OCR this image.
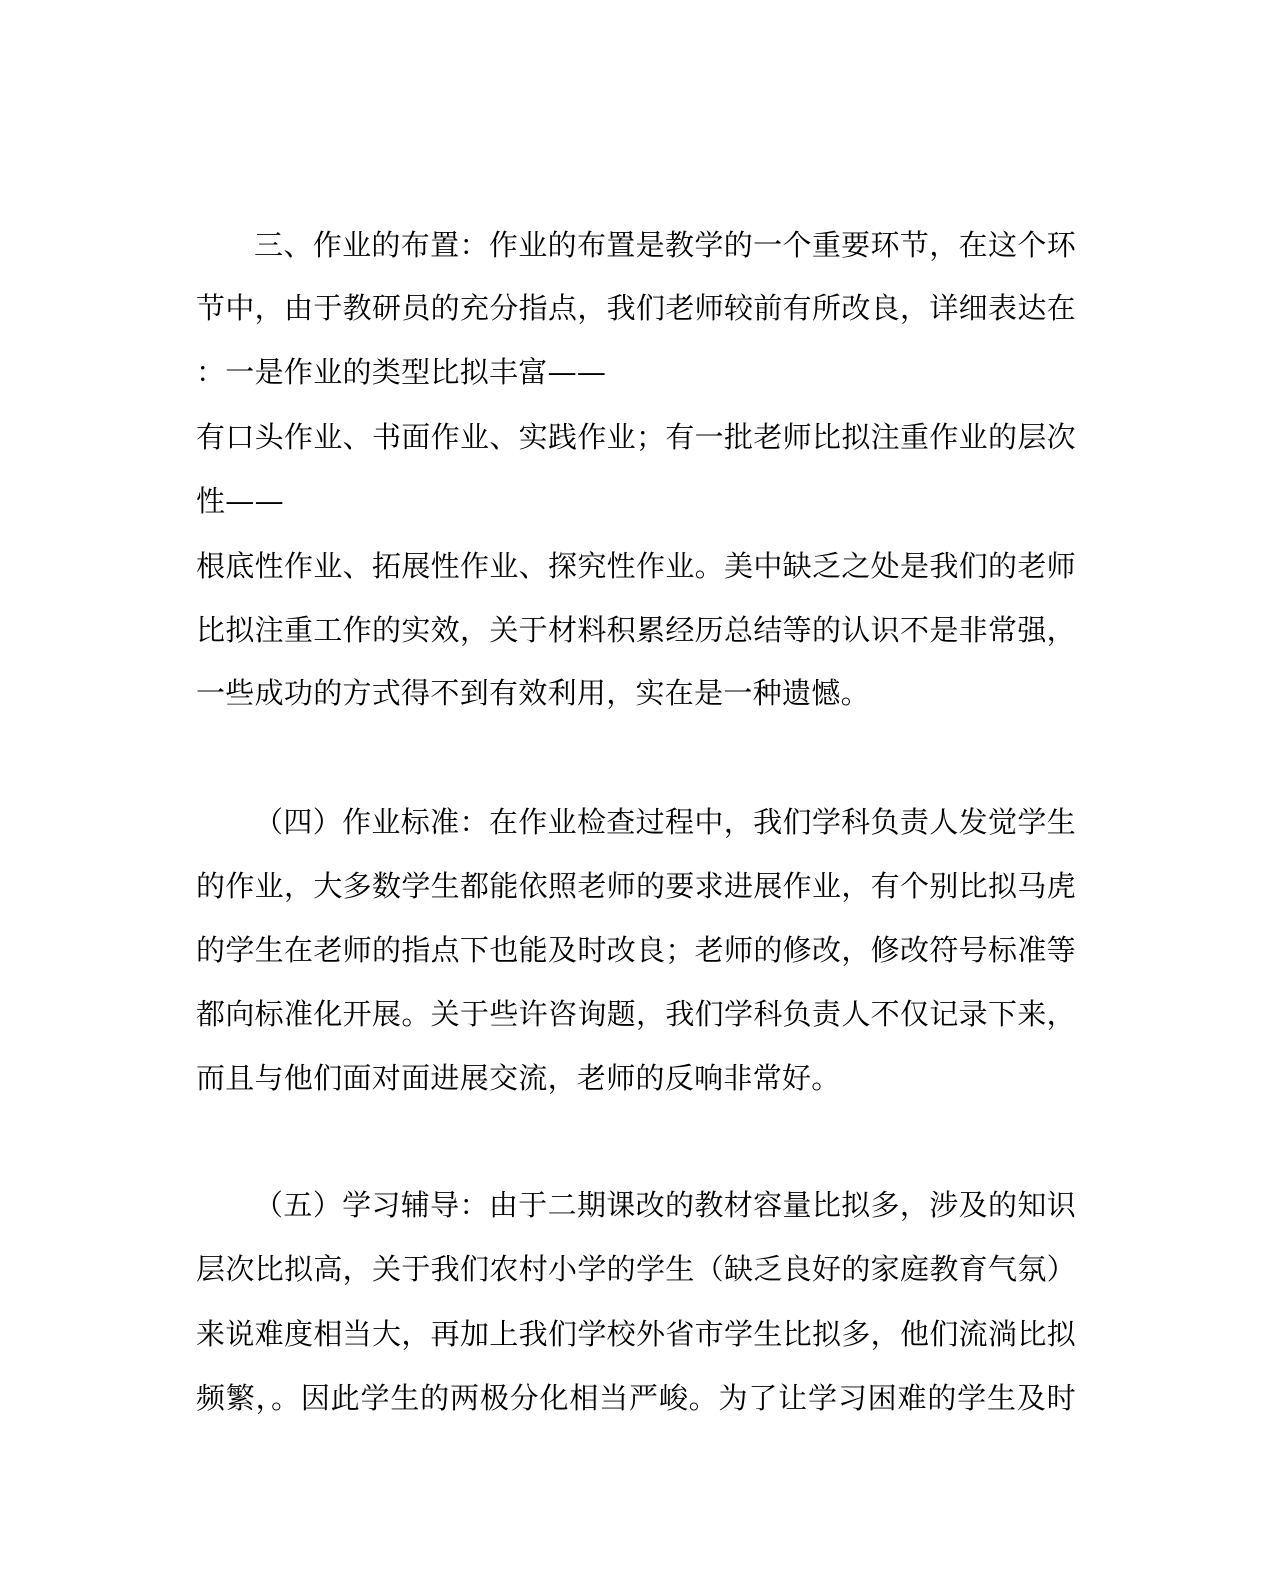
三、作业的布置：作业的布置是教学的一个重要环节，在这个环
节中，由于教研员的充分指点，我们老师较前有所改良，详细表达在
：一是作业的类型比拟丰富——
有口头作业、书面作业、实践作业；有一批老师比拟注重作业的层次
性——
根底性作业、拓展性作业、探究性作业。美中缺乏之处是我们的老师
比拟注重工作的实效，关于材料积累经历总结等的认识不是非常强，
一些成功的方式得不到有效利用，实在是一种遗憾。
（四）作业标准：在作业检查过程中，我们学科负责人发觉学生
的作业，大多数学生都能依照老师的要求进展作业，有个别比拟马虎
的学生在老师的指点下也能及时改良；老师的修改，修改符号标准等
都向标准化开展。关于些许咨询题，我们学科负责人不仅记录下来，
而且与他们面对面进展交流，老师的反响非常好。
（五）学习辅导：由于二期课改的教材容量比拟多，涉及的知识
层次比拟高，关于我们农村小学的学生（缺乏良好的家庭教育气氛）
来说难度相当大，再加上我们学校外省市学生比拟多，他们流淌比拟
频繁，。因此学生的两极分化相当严峻。为了让学习困难的学生及时
